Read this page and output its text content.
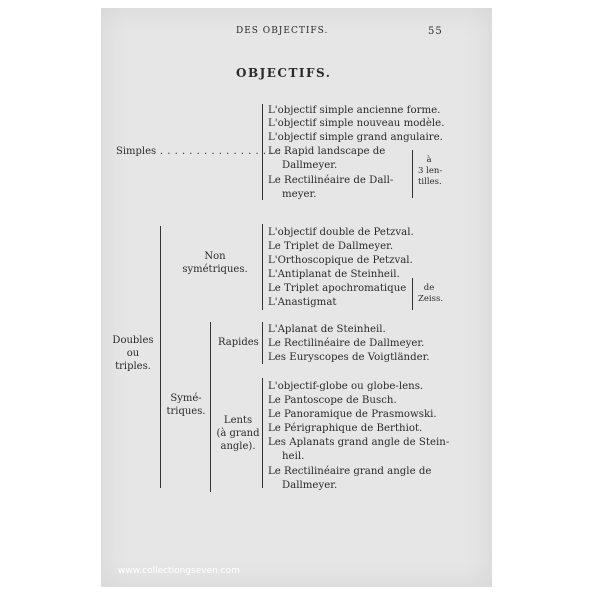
DES OBJECTIFS.	55
OBJECTIFS.
Simples . . . . . . . . . . . . . . . . . .
L'objectif simple ancienne forme.
L'objectif simple nouveau modèle.
L'objectif simple grand angulaire.
Le Rapid landscape de
Dallmeyer.
Le Rectilinéaire de Dall-
meyer.
à
3 len-
tilles.
Doubles
ou
triples.
Non
symétriques.
L'objectif double de Petzval.
Le Triplet de Dallmeyer.
L'Orthoscopique de Petzval.
L'Antiplanat de Steinheil.
Le Triplet apochromatique
L'Anastigmat
de
Zeiss.
Symé-
triques.
Rapides
L'Aplanat de Steinheil.
Le Rectilinéaire de Dallmeyer.
Les Euryscopes de Voigtländer.
Lents
(à grand
angle).
L'objectif-globe ou globe-lens.
Le Pantoscope de Busch.
Le Panoramique de Prasmowski.
Le Périgraphique de Berthiot.
Les Aplanats grand angle de Stein-
heil.
Le Rectilinéaire grand angle de
Dallmeyer.
www.collectiongseven.com
